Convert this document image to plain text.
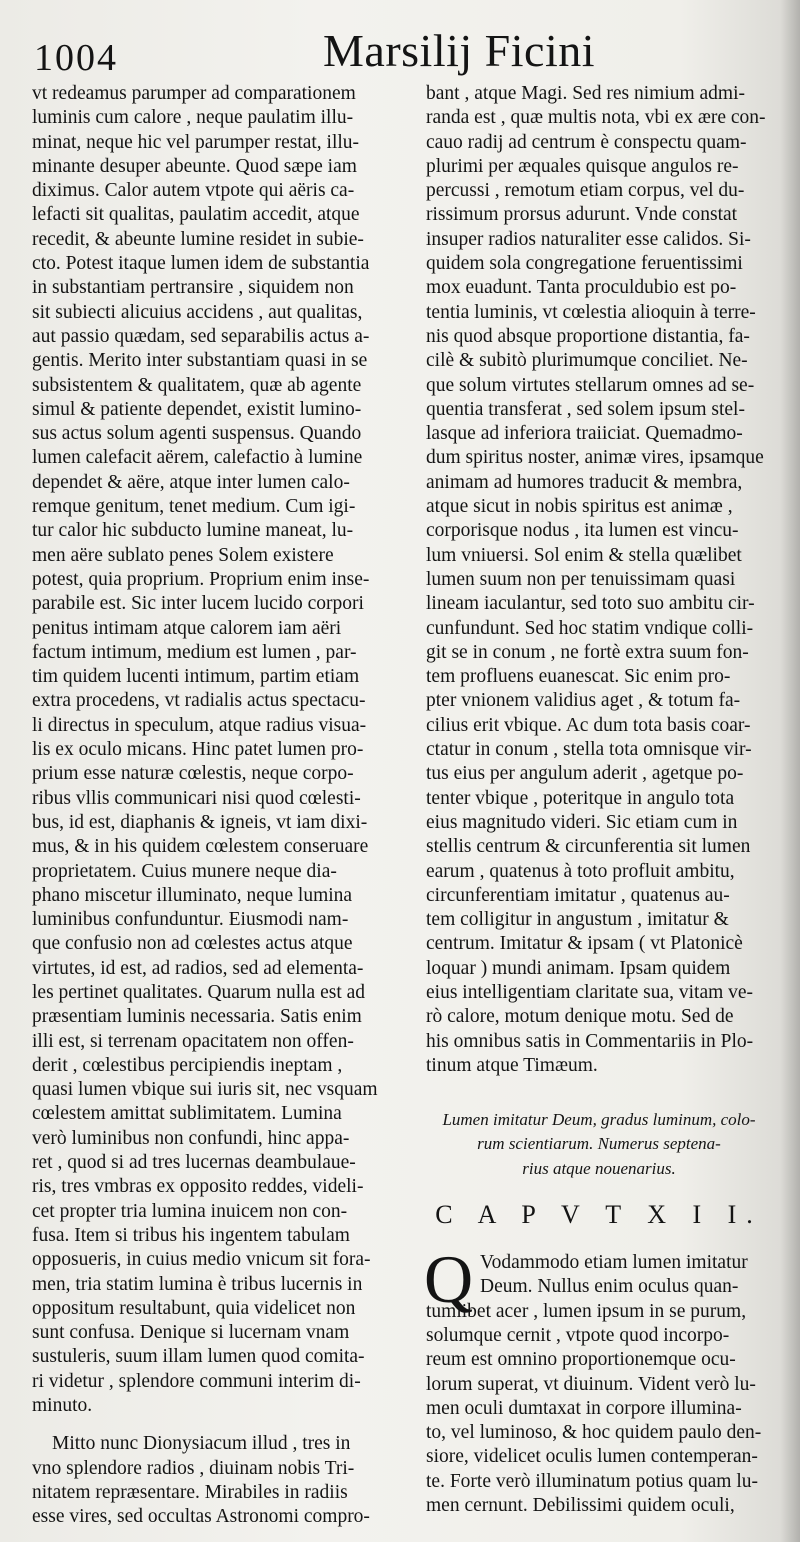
1004	Marsilij Ficini
vt redeamus parumper ad comparationem
luminis cum calore , neque paulatim illu-
minat, neque hic vel parumper restat, illu-
minante desuper abeunte. Quod sæpe iam
diximus. Calor autem vtpote qui aëris ca-
lefacti sit qualitas, paulatim accedit, atque
recedit, & abeunte lumine residet in subie-
cto. Potest itaque lumen idem de substantia
in substantiam pertransire , siquidem non
sit subiecti alicuius accidens , aut qualitas,
aut passio quædam, sed separabilis actus a-
gentis. Merito inter substantiam quasi in se
subsistentem & qualitatem, quæ ab agente
simul & patiente dependet, existit lumino-
sus actus solum agenti suspensus. Quando
lumen calefacit aërem, calefactio à lumine
dependet & aëre, atque inter lumen calo-
remque genitum, tenet medium. Cum igi-
tur calor hic subducto lumine maneat, lu-
men aëre sublato penes Solem existere
potest, quia proprium. Proprium enim inse-
parabile est. Sic inter lucem lucido corpori
penitus intimam atque calorem iam aëri
factum intimum, medium est lumen , par-
tim quidem lucenti intimum, partim etiam
extra procedens, vt radialis actus spectacu-
li directus in speculum, atque radius visua-
lis ex oculo micans. Hinc patet lumen pro-
prium esse naturæ cœlestis, neque corpo-
ribus vllis communicari nisi quod cœlesti-
bus, id est, diaphanis & igneis, vt iam dixi-
mus, & in his quidem cœlestem conseruare
proprietatem. Cuius munere neque dia-
phano miscetur illuminato, neque lumina
luminibus confunduntur. Eiusmodi nam-
que confusio non ad cœlestes actus atque
virtutes, id est, ad radios, sed ad elementa-
les pertinet qualitates. Quarum nulla est ad
præsentiam luminis necessaria. Satis enim
illi est, si terrenam opacitatem non offen-
derit , cœlestibus percipiendis ineptam ,
quasi lumen vbique sui iuris sit, nec vsquam
cœlestem amittat sublimitatem. Lumina
verò luminibus non confundi, hinc appa-
ret , quod si ad tres lucernas deambulaue-
ris, tres vmbras ex opposito reddes, videli-
cet propter tria lumina inuicem non con-
fusa. Item si tribus his ingentem tabulam
opposueris, in cuius medio vnicum sit fora-
men, tria statim lumina è tribus lucernis in
oppositum resultabunt, quia videlicet non
sunt confusa. Denique si lucernam vnam
sustuleris, suum illam lumen quod comita-
ri videtur , splendore communi interim di-
minuto.
Mitto nunc Dionysiacum illud , tres in
vno splendore radios , diuinam nobis Tri-
nitatem repræsentare. Mirabiles in radiis
esse vires, sed occultas Astronomi compro-
bant , atque Magi. Sed res nimium admi-
randa est , quæ multis nota, vbi ex ære con-
cauo radij ad centrum è conspectu quam-
plurimi per æquales quisque angulos re-
percussi , remotum etiam corpus, vel du-
rissimum prorsus adurunt. Vnde constat
insuper radios naturaliter esse calidos. Si-
quidem sola congregatione feruentissimi
mox euadunt. Tanta proculdubio est po-
tentia luminis, vt cœlestia alioquin à terre-
nis quod absque proportione distantia, fa-
cilè & subitò plurimumque conciliet. Ne-
que solum virtutes stellarum omnes ad se-
quentia transferat , sed solem ipsum stel-
lasque ad inferiora traiiciat. Quemadmo-
dum spiritus noster, animæ vires, ipsamque
animam ad humores traducit & membra,
atque sicut in nobis spiritus est animæ ,
corporisque nodus , ita lumen est vincu-
lum vniuersi. Sol enim & stella quælibet
lumen suum non per tenuissimam quasi
lineam iaculantur, sed toto suo ambitu cir-
cunfundunt. Sed hoc statim vndique colli-
git se in conum , ne fortè extra suum fon-
tem profluens euanescat. Sic enim pro-
pter vnionem validius aget , & totum fa-
cilius erit vbique. Ac dum tota basis coar-
ctatur in conum , stella tota omnisque vir-
tus eius per angulum aderit , agetque po-
tenter vbique , poteritque in angulo tota
eius magnitudo videri. Sic etiam cum in
stellis centrum & circunferentia sit lumen
earum , quatenus à toto profluit ambitu,
circunferentiam imitatur , quatenus au-
tem colligitur in angustum , imitatur &
centrum. Imitatur & ipsam ( vt Platonicè
loquar ) mundi animam. Ipsam quidem
eius intelligentiam claritate sua, vitam ve-
rò calore, motum denique motu. Sed de
his omnibus satis in Commentariis in Plo-
tinum atque Timæum.
Lumen imitatur Deum, gradus luminum, colo-
rum scientiarum. Numerus septena-
rius atque nouenarius.
C A P V T X I I.
Q Vodammodo etiam lumen imitatur
Deum. Nullus enim oculus quan-
tumlibet acer , lumen ipsum in se purum,
solumque cernit , vtpote quod incorpo-
reum est omnino proportionemque ocu-
lorum superat, vt diuinum. Vident verò lu-
men oculi dumtaxat in corpore illumina-
to, vel luminoso, & hoc quidem paulo den-
siore, videlicet oculis lumen contemperan-
te. Forte verò illuminatum potius quam lu-
men cernunt. Debilissimi quidem oculi,
